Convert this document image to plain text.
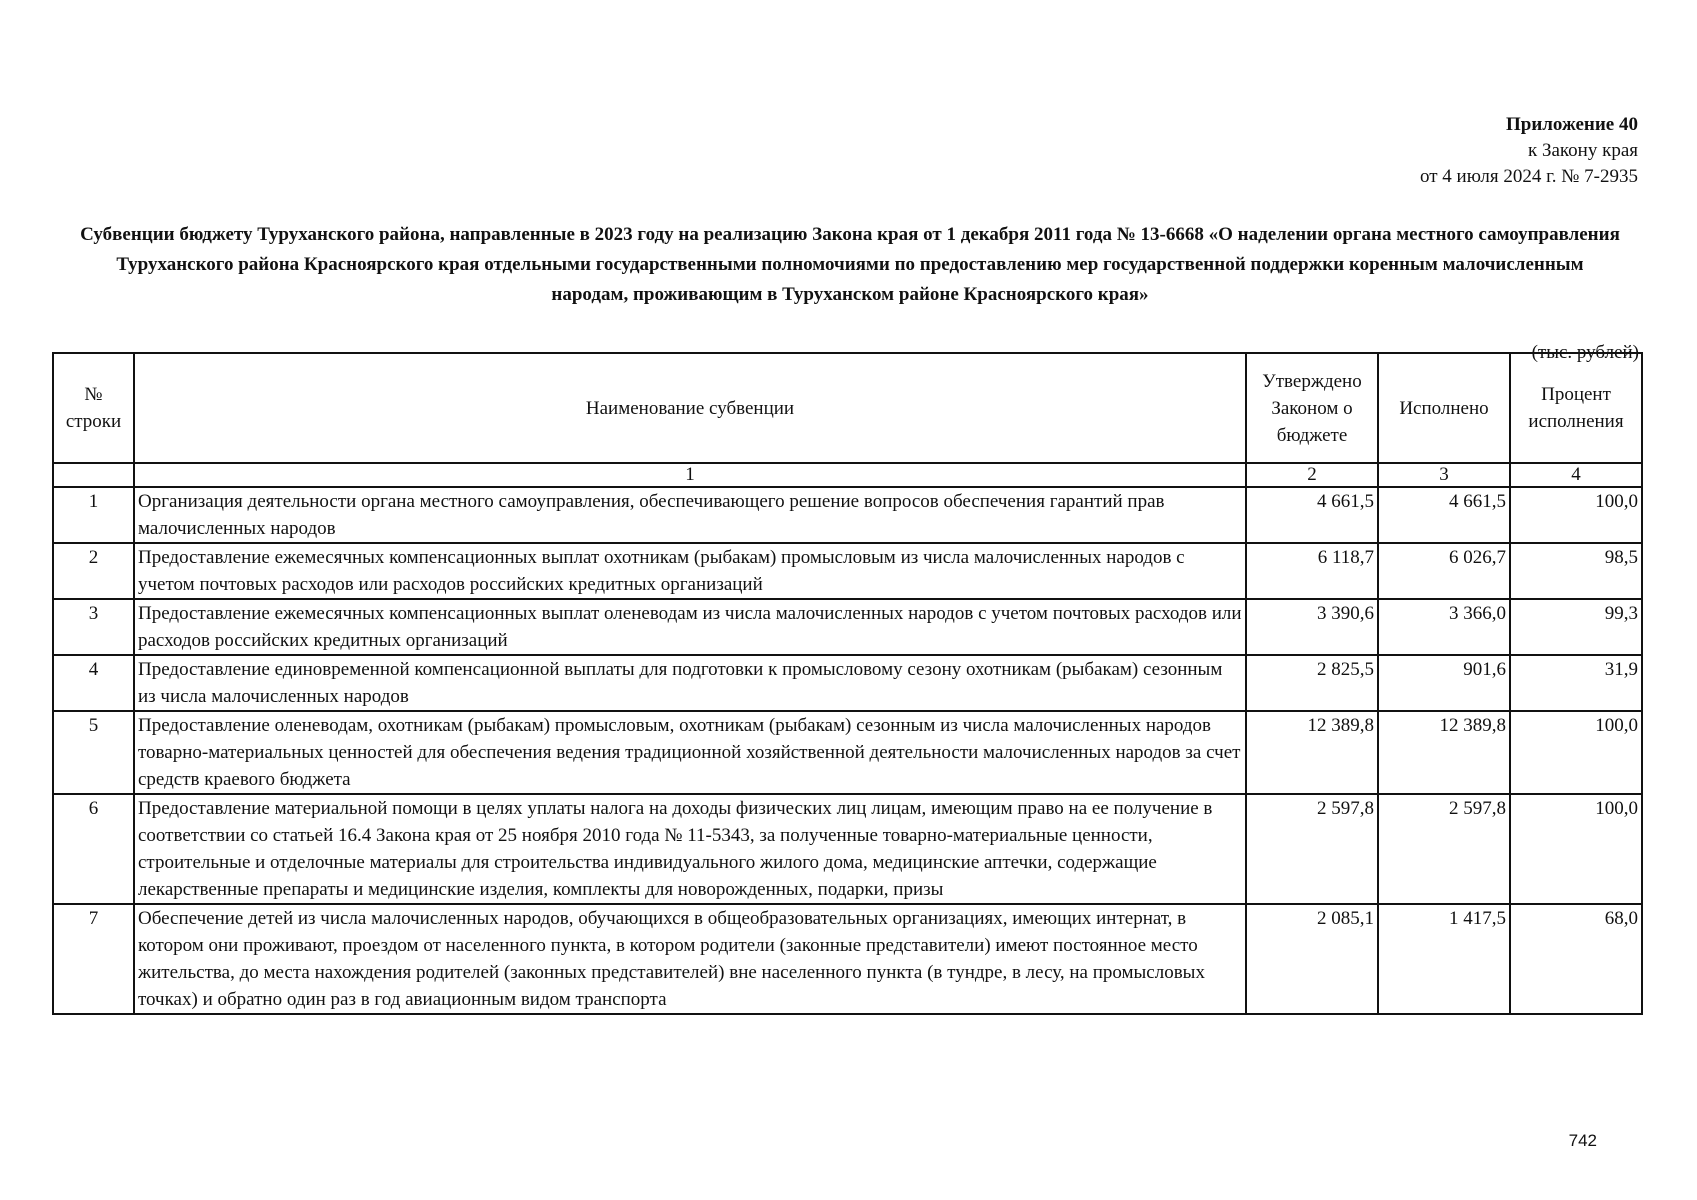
Приложение 40
к Закону края
от 4 июля 2024 г. № 7-2935
Субвенции бюджету Туруханского района, направленные в 2023 году на реализацию Закона края от 1 декабря 2011 года № 13-6668 «О наделении органа местного самоуправления Туруханского района Красноярского края отдельными государственными полномочиями по предоставлению мер государственной поддержки коренным малочисленным народам, проживающим в Туруханском районе Красноярского края»
(тыс. рублей)
№ строки	Наименование субвенции	Утверждено Законом о бюджете	Исполнено	Процент исполнения
	1	2	3	4
1	Организация деятельности органа местного самоуправления, обеспечивающего решение вопросов обеспечения гарантий прав малочисленных народов	4 661,5	4 661,5	100,0
2	Предоставление ежемесячных компенсационных выплат охотникам (рыбакам) промысловым из числа малочисленных народов с учетом почтовых расходов или расходов российских кредитных организаций	6 118,7	6 026,7	98,5
3	Предоставление ежемесячных компенсационных выплат оленеводам из числа малочисленных народов с учетом почтовых расходов или расходов российских кредитных организаций	3 390,6	3 366,0	99,3
4	Предоставление единовременной компенсационной выплаты для подготовки к промысловому сезону охотникам (рыбакам) сезонным из числа малочисленных народов	2 825,5	901,6	31,9
5	Предоставление оленеводам, охотникам (рыбакам) промысловым, охотникам (рыбакам) сезонным из числа малочисленных народов товарно-материальных ценностей для обеспечения ведения традиционной хозяйственной деятельности малочисленных народов за счет средств краевого бюджета	12 389,8	12 389,8	100,0
6	Предоставление материальной помощи в целях уплаты налога на доходы физических лиц лицам, имеющим право на ее получение в соответствии со статьей 16.4 Закона края от 25 ноября 2010 года № 11-5343, за полученные товарно-материальные ценности, строительные и отделочные материалы для строительства индивидуального жилого дома, медицинские аптечки, содержащие лекарственные препараты и медицинские изделия, комплекты для новорожденных, подарки, призы	2 597,8	2 597,8	100,0
7	Обеспечение детей из числа малочисленных народов, обучающихся в общеобразовательных организациях, имеющих интернат, в котором они проживают, проездом от населенного пункта, в котором родители (законные представители) имеют постоянное место жительства, до места нахождения родителей (законных представителей) вне населенного пункта (в тундре, в лесу, на промысловых точках) и обратно один раз в год авиационным видом транспорта	2 085,1	1 417,5	68,0
742
